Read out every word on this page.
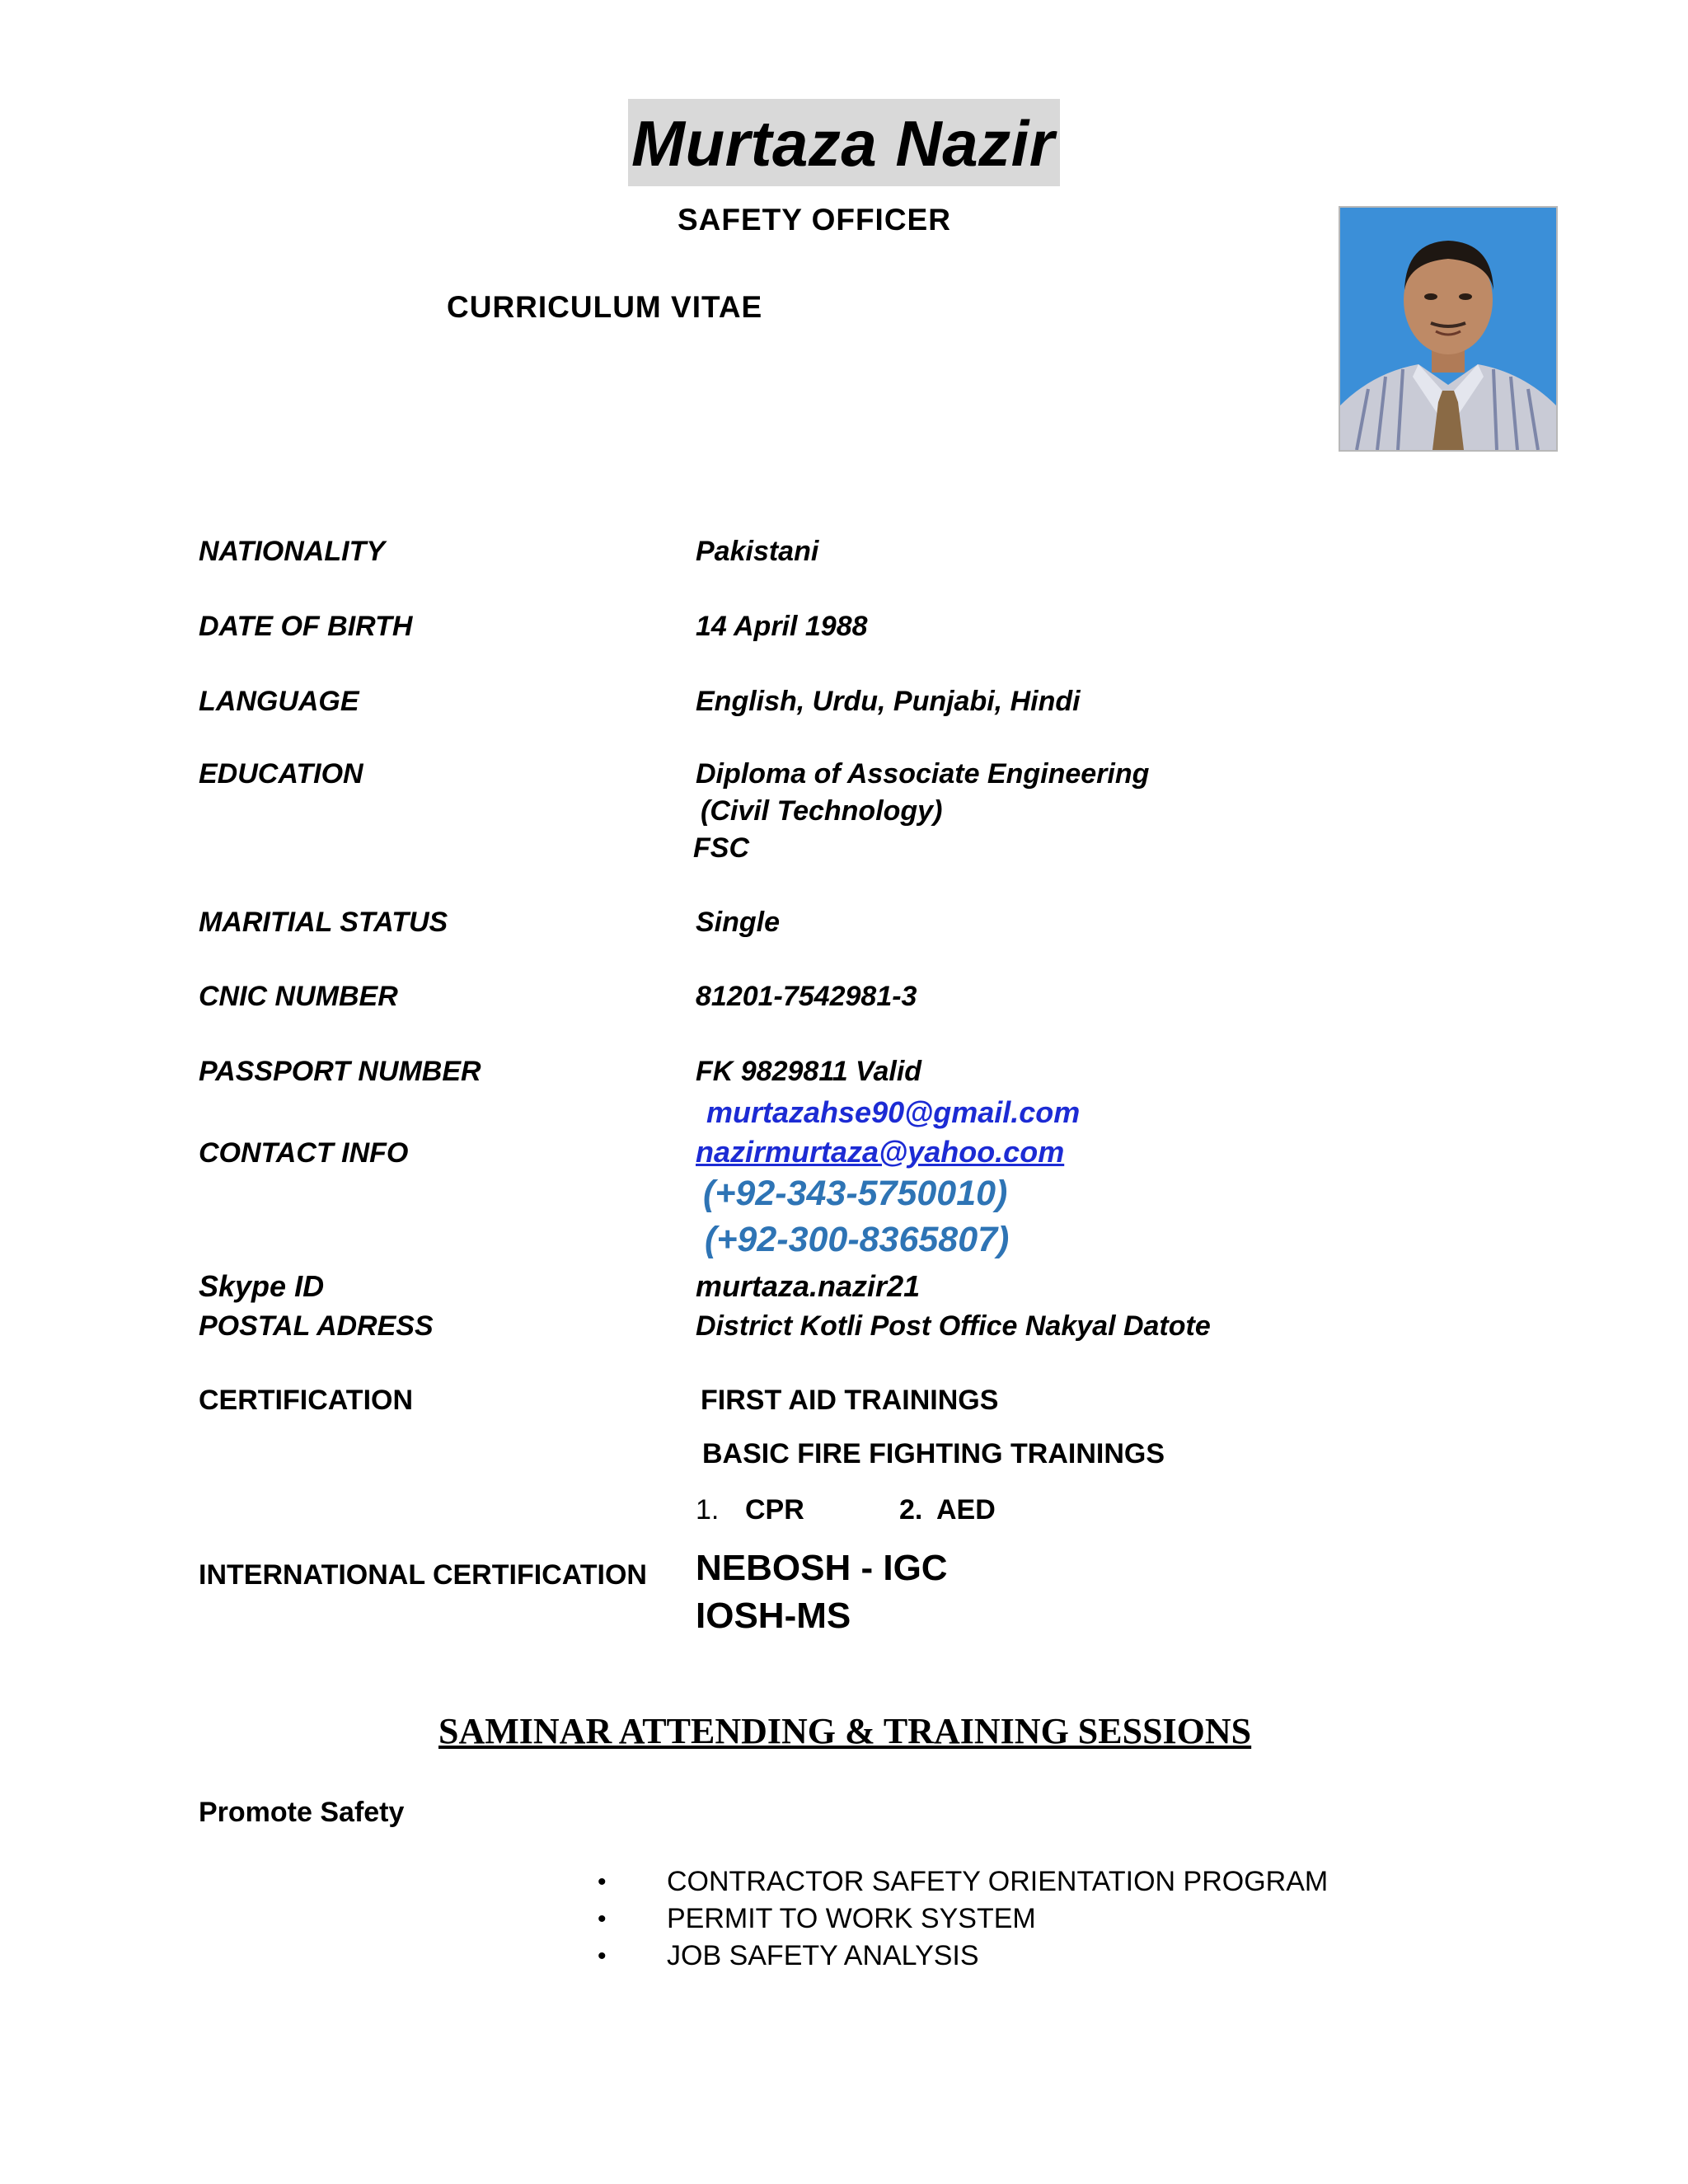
Murtaza Nazir
SAFETY OFFICER
CURRICULUM VITAE
NATIONALITY	Pakistani
DATE OF BIRTH	14 April 1988
LANGUAGE	English, Urdu, Punjabi, Hindi
EDUCATION	Diploma of Associate Engineering
(Civil Technology)
FSC
MARITIAL STATUS	Single
CNIC NUMBER	81201-7542981-3
PASSPORT NUMBER	FK 9829811 Valid
murtazahse90@gmail.com
CONTACT INFO	nazirmurtaza@yahoo.com
(+92-343-5750010)
(+92-300-8365807)
Skype ID	murtaza.nazir21
POSTAL ADRESS	District Kotli Post Office Nakyal Datote
CERTIFICATION	FIRST AID TRAININGS
BASIC FIRE FIGHTING TRAININGS
1. CPR	2. AED
INTERNATIONAL CERTIFICATION NEBOSH - IGC
IOSH-MS
SAMINAR ATTENDING & TRAINING SESSIONS
Promote Safety
•	CONTRACTOR SAFETY ORIENTATION PROGRAM
•	PERMIT TO WORK SYSTEM
•	JOB SAFETY ANALYSIS
